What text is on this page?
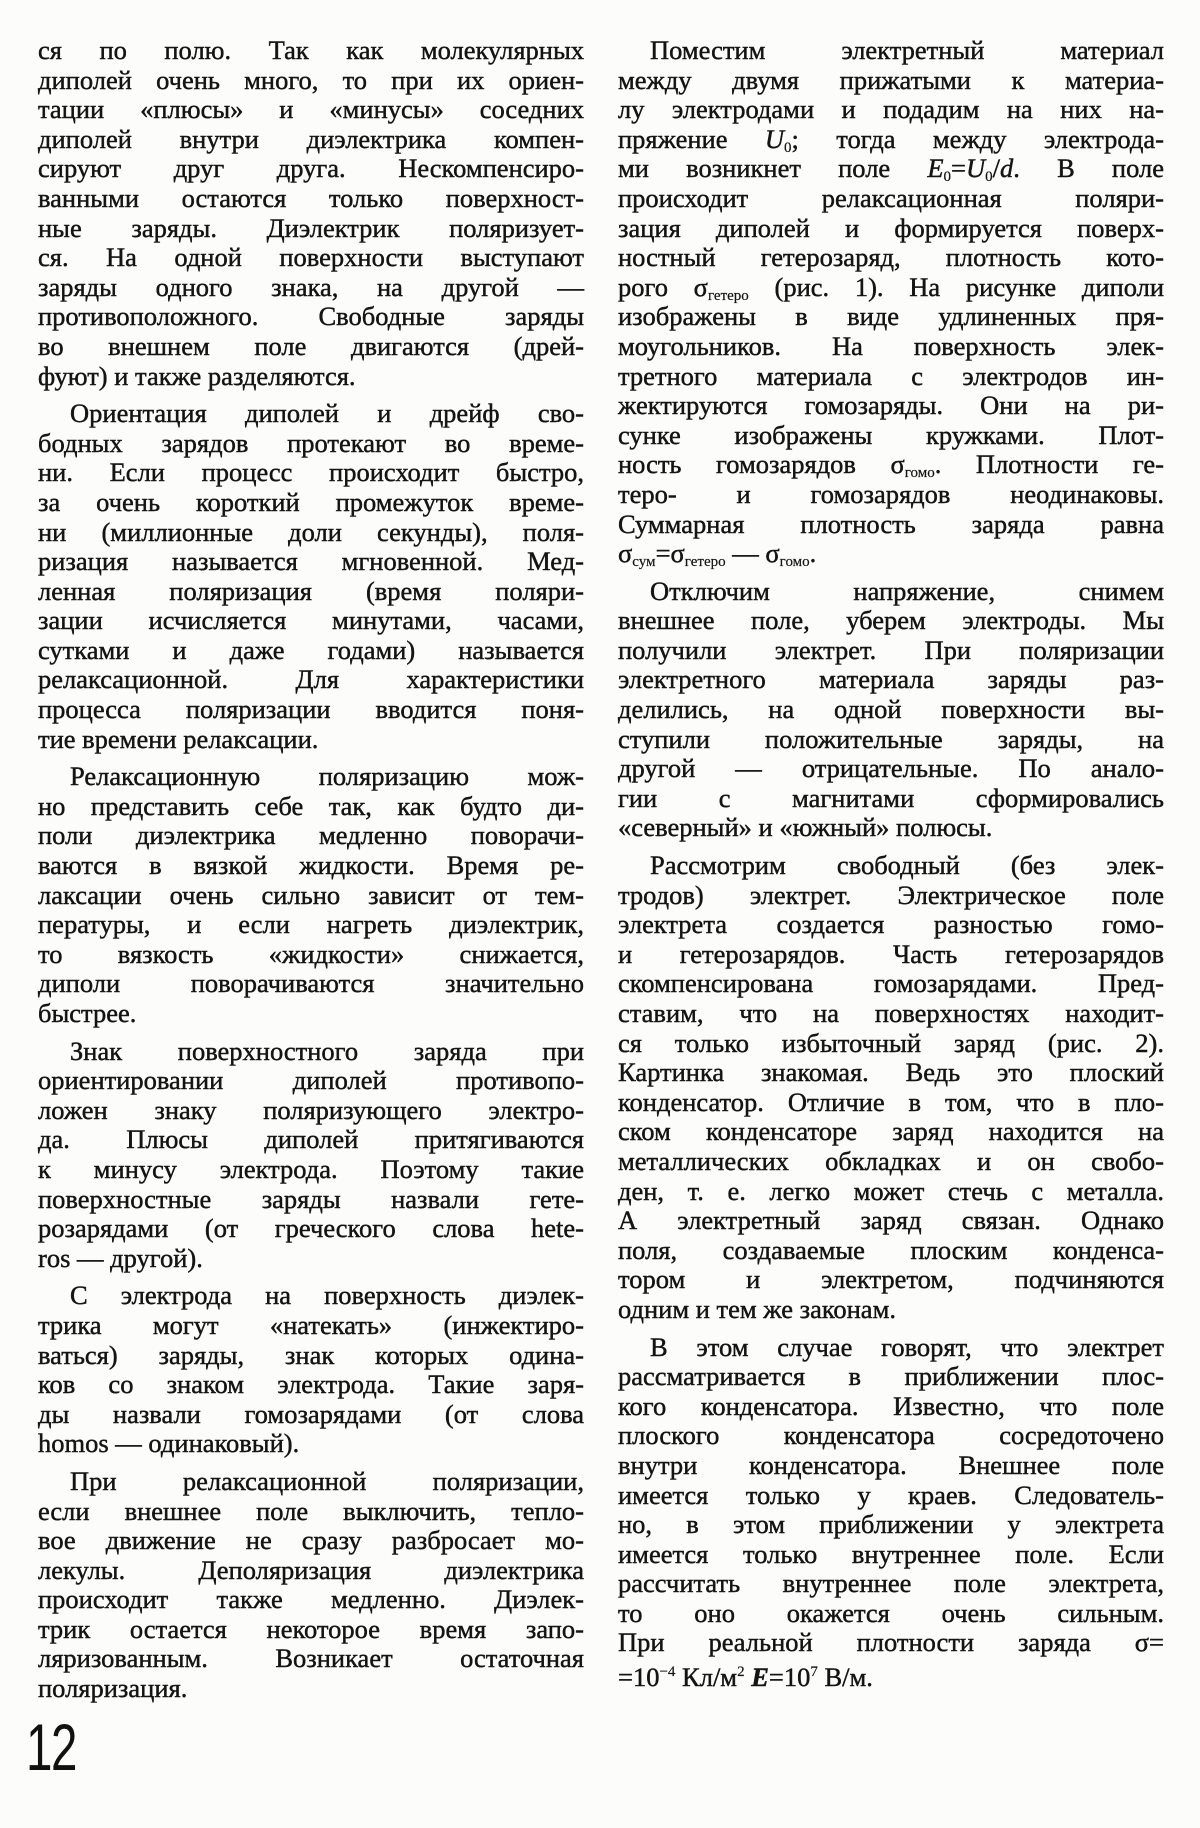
ся по полю. Так как молекулярных
диполей очень много, то при их ориен-
тации «плюсы» и «минусы» соседних
диполей внутри диэлектрика компен-
сируют друг друга. Нескомпенсиро-
ванными остаются только поверхност-
ные заряды. Диэлектрик поляризует-
ся. На одной поверхности выступают
заряды одного знака, на другой —
противоположного. Свободные заряды
во внешнем поле двигаются (дрей-
фуют) и также разделяются.
Ориентация диполей и дрейф сво-
бодных зарядов протекают во време-
ни. Если процесс происходит быстро,
за очень короткий промежуток време-
ни (миллионные доли секунды), поля-
ризация называется мгновенной. Мед-
ленная поляризация (время поляри-
зации исчисляется минутами, часами,
сутками и даже годами) называется
релаксационной. Для характеристики
процесса поляризации вводится поня-
тие времени релаксации.
Релаксационную поляризацию мож-
но представить себе так, как будто ди-
поли диэлектрика медленно поворачи-
ваются в вязкой жидкости. Время ре-
лаксации очень сильно зависит от тем-
пературы, и если нагреть диэлектрик,
то вязкость «жидкости» снижается,
диполи поворачиваются значительно
быстрее.
Знак поверхностного заряда при
ориентировании диполей противопо-
ложен знаку поляризующего электро-
да. Плюсы диполей притягиваются
к минусу электрода. Поэтому такие
поверхностные заряды назвали гете-
розарядами (от греческого слова hete-
ros — другой).
С электрода на поверхность диэлек-
трика могут «натекать» (инжектиро-
ваться) заряды, знак которых одина-
ков со знаком электрода. Такие заря-
ды назвали гомозарядами (от слова
homos — одинаковый).
При релаксационной поляризации,
если внешнее поле выключить, тепло-
вое движение не сразу разбросает мо-
лекулы. Деполяризация диэлектрика
происходит также медленно. Диэлек-
трик остается некоторое время запо-
ляризованным. Возникает остаточная
поляризация.
Поместим электретный материал
между двумя прижатыми к материа-
лу электродами и подадим на них на-
пряжение $U_0$; тогда между электрода-
ми возникнет поле $E_0=U_0/d$. В поле
происходит релаксационная поляри-
зация диполей и формируется поверх-
ностный гетерозаряд, плотность кото-
рого $\sigma_{гетеро}$ (рис. 1). На рисунке диполи
изображены в виде удлиненных пря-
моугольников. На поверхность элек-
третного материала с электродов ин-
жектируются гомозаряды. Они на ри-
сунке изображены кружками. Плот-
ность гомозарядов $\sigma_{гомо}$. Плотности ге-
теро- и гомозарядов неодинаковы.
Суммарная плотность заряда равна
$\sigma_{сум}=\sigma_{гетеро}$ — $\sigma_{гомо}$.
Отключим напряжение, снимем
внешнее поле, уберем электроды. Мы
получили электрет. При поляризации
электретного материала заряды раз-
делились, на одной поверхности вы-
ступили положительные заряды, на
другой — отрицательные. По анало-
гии с магнитами сформировались
«северный» и «южный» полюсы.
Рассмотрим свободный (без элек-
тродов) электрет. Электрическое поле
электрета создается разностью гомо-
и гетерозарядов. Часть гетерозарядов
скомпенсирована гомозарядами. Пред-
ставим, что на поверхностях находит-
ся только избыточный заряд (рис. 2).
Картинка знакомая. Ведь это плоский
конденсатор. Отличие в том, что в пло-
ском конденсаторе заряд находится на
металлических обкладках и он свобо-
ден, т. е. легко может стечь с металла.
А электретный заряд связан. Однако
поля, создаваемые плоским конденса-
тором и электретом, подчиняются
одним и тем же законам.
В этом случае говорят, что электрет
рассматривается в приближении плос-
кого конденсатора. Известно, что поле
плоского конденсатора сосредоточено
внутри конденсатора. Внешнее поле
имеется только у краев. Следователь-
но, в этом приближении у электрета
имеется только внутреннее поле. Если
рассчитать внутреннее поле электрета,
то оно окажется очень сильным.
При реальной плотности заряда σ=
$=10^{-4}$ $Кл/м^2$ $E=10^7$ В/м.
12
